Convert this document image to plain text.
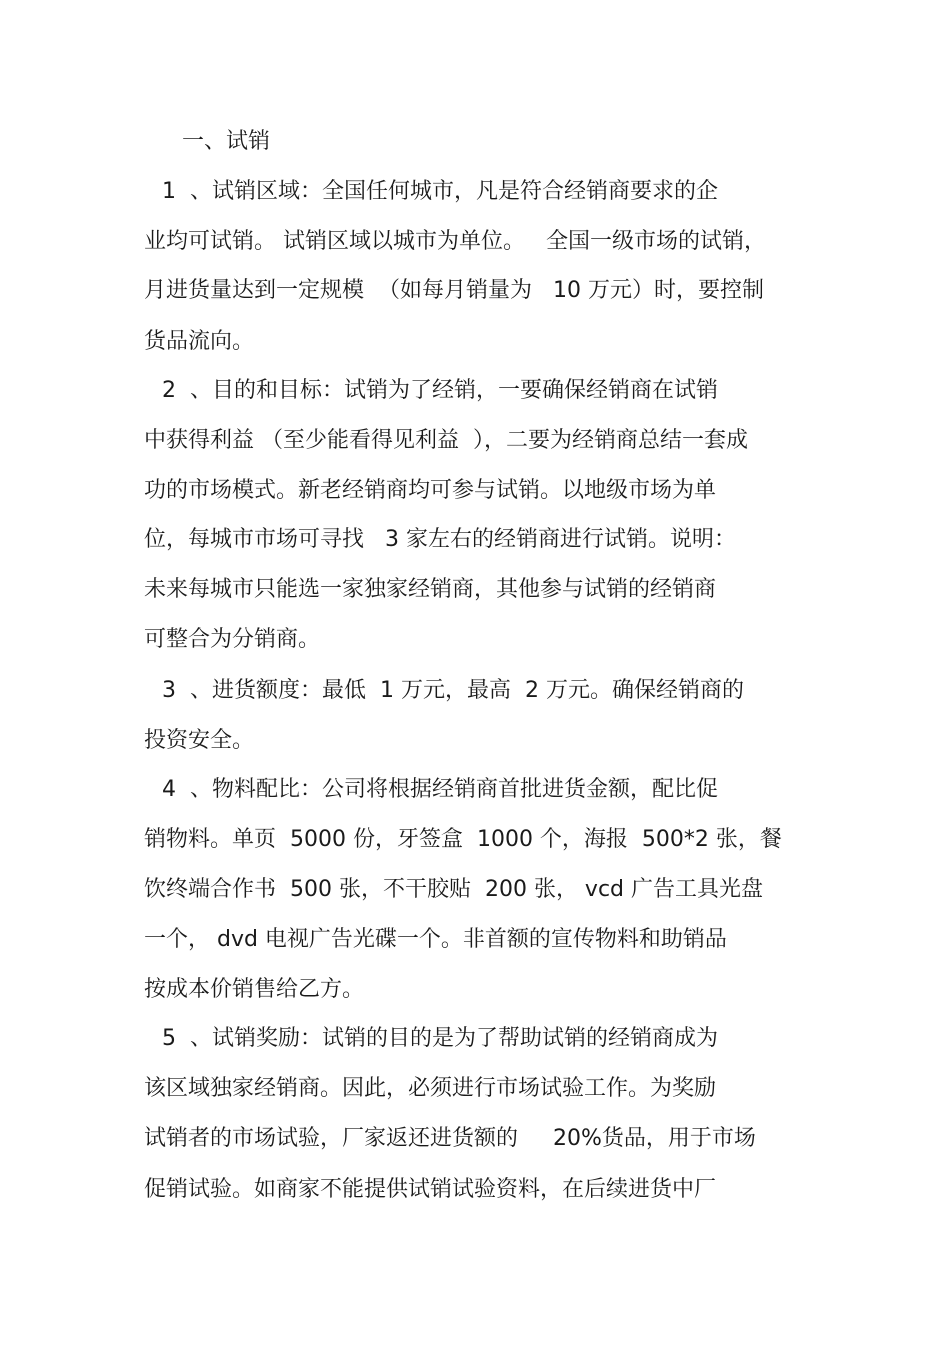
一、试销
1  、试销区域：全国任何城市，凡是符合经销商要求的企
业均可试销。 试销区域以城市为单位。   全国一级市场的试销，
月进货量达到一定规模  （如每月销量为   10 万元）时，要控制
货品流向。
2  、目的和目标：试销为了经销，一要确保经销商在试销
中获得利益 （至少能看得见利益  ），二要为经销商总结一套成
功的市场模式。新老经销商均可参与试销。以地级市场为单
位，每城市市场可寻找   3 家左右的经销商进行试销。说明：
未来每城市只能选一家独家经销商，其他参与试销的经销商
可整合为分销商。
3  、进货额度：最低  1 万元，最高  2 万元。确保经销商的
投资安全。
4  、物料配比：公司将根据经销商首批进货金额，配比促
销物料。单页  5000 份，牙签盒  1000 个，海报  500*2 张，餐
饮终端合作书  500 张，不干胶贴  200 张， vcd 广告工具光盘
一个， dvd 电视广告光碟一个。非首额的宣传物料和助销品
按成本价销售给乙方。
5  、试销奖励：试销的目的是为了帮助试销的经销商成为
该区域独家经销商。因此，必须进行市场试验工作。为奖励
试销者的市场试验，厂家返还进货额的     20%货品，用于市场
促销试验。如商家不能提供试销试验资料，在后续进货中厂
